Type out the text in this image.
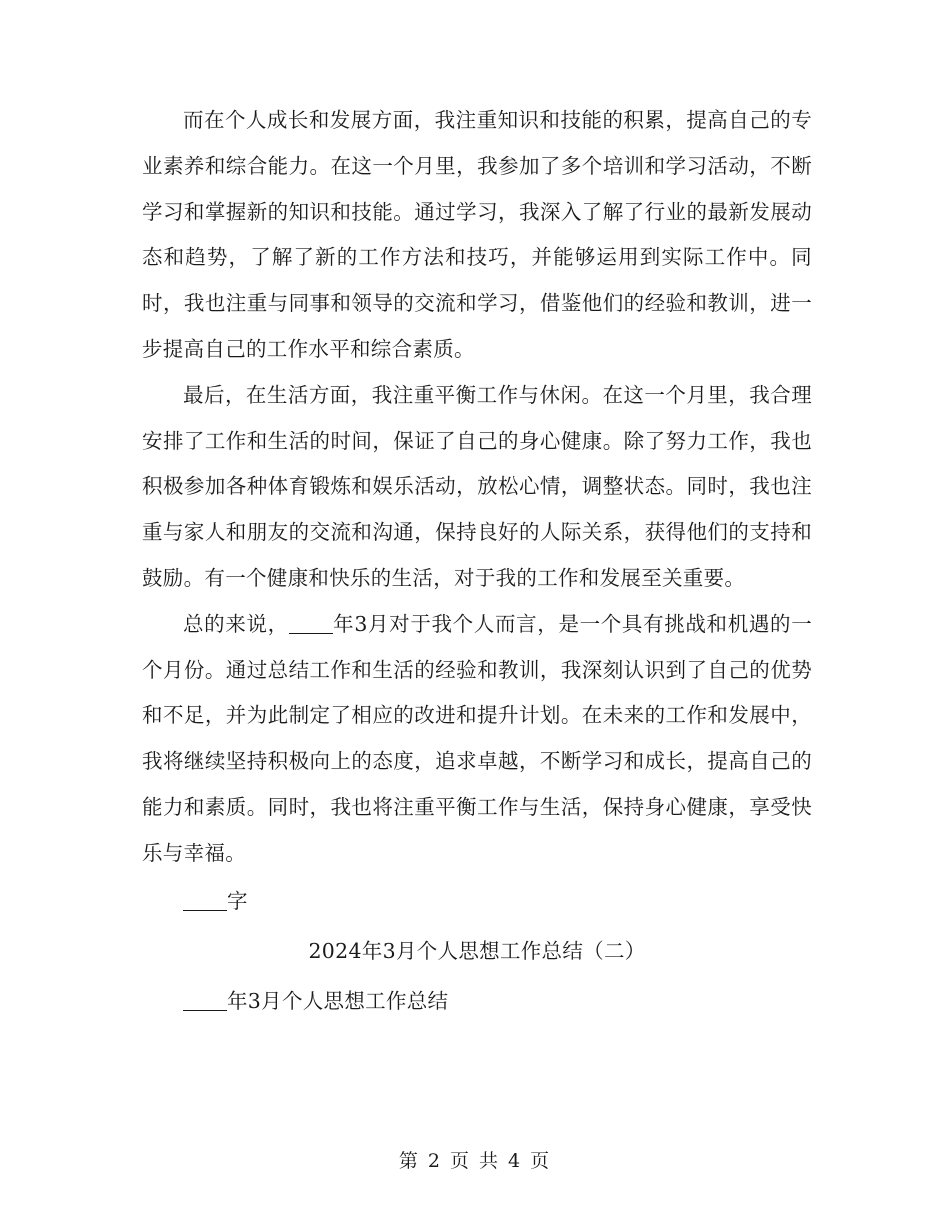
而在个人成长和发展方面，我注重知识和技能的积累，提高自己的专业素养和综合能力。在这一个月里，我参加了多个培训和学习活动，不断学习和掌握新的知识和技能。通过学习，我深入了解了行业的最新发展动态和趋势，了解了新的工作方法和技巧，并能够运用到实际工作中。同时，我也注重与同事和领导的交流和学习，借鉴他们的经验和教训，进一步提高自己的工作水平和综合素质。

最后，在生活方面，我注重平衡工作与休闲。在这一个月里，我合理安排了工作和生活的时间，保证了自己的身心健康。除了努力工作，我也积极参加各种体育锻炼和娱乐活动，放松心情，调整状态。同时，我也注重与家人和朋友的交流和沟通，保持良好的人际关系，获得他们的支持和鼓励。有一个健康和快乐的生活，对于我的工作和发展至关重要。

总的来说， 年3月对于我个人而言，是一个具有挑战和机遇的一个月份。通过总结工作和生活的经验和教训，我深刻认识到了自己的优势和不足，并为此制定了相应的改进和提升计划。在未来的工作和发展中，我将继续坚持积极向上的态度，追求卓越，不断学习和成长，提高自己的能力和素质。同时，我也将注重平衡工作与生活，保持身心健康，享受快乐与幸福。

字

2024年3月个人思想工作总结（二）

年3月个人思想工作总结

第 2 页 共 4 页
